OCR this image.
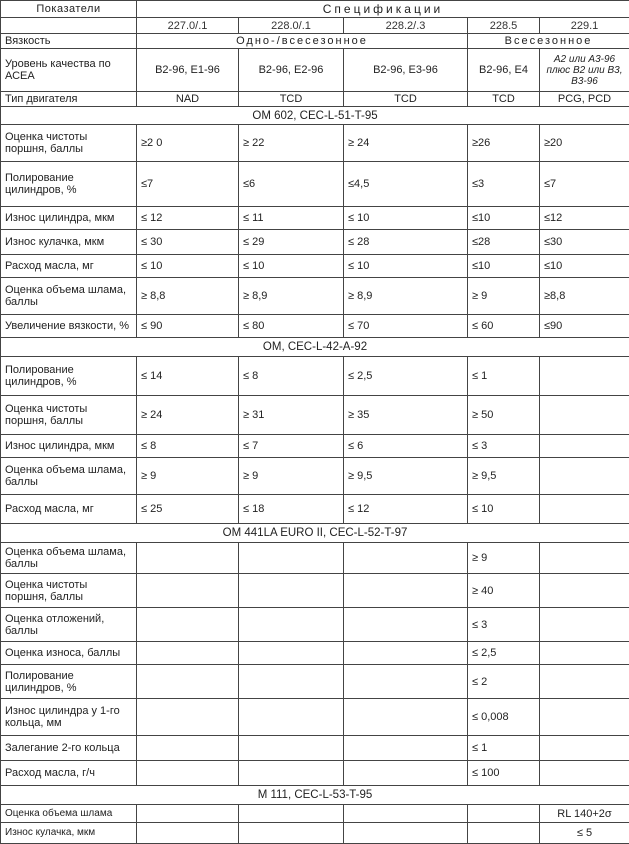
Показатели	Спецификации				
	227.0/.1	228.0/.1	228.2/.3	228.5	229.1
Вязкость	Одно-/всесезонное			Всесезонное	
Уровень качества по АСЕА	B2-96, E1-96	B2-96, E2-96	B2-96, E3-96	B2-96, E4	A2 или A3-96 плюс B2 или B3, B3-96
Тип двигателя	NAD	TCD	TCD	TCD	PCG, PCD
ОМ 602, CEC-L-51-T-95					
Оценка чистоты поршня, баллы	≥2 0	≥ 22	≥ 24	≥26	≥20
Полирование цилиндров, %	≤7	≤6	≤4,5	≤3	≤7
Износ цилиндра, мкм	≤ 12	≤ 11	≤ 10	≤10	≤12
Износ кулачка, мкм	≤ 30	≤ 29	≤ 28	≤28	≤30
Расход масла, мг	≤ 10	≤ 10	≤ 10	≤10	≤10
Оценка объема шлама, баллы	≥ 8,8	≥ 8,9	≥ 8,9	≥ 9	≥8,8
Увеличение вязкости, %	≤ 90	≤ 80	≤ 70	≤ 60	≤90
ОМ, CEC-L-42-A-92					
Полирование цилиндров, %	≤ 14	≤ 8	≤ 2,5	≤ 1	
Оценка чистоты поршня, баллы	≥ 24	≥ 31	≥ 35	≥ 50	
Износ цилиндра, мкм	≤ 8	≤ 7	≤ 6	≤ 3	
Оценка объема шлама, баллы	≥ 9	≥ 9	≥ 9,5	≥ 9,5	
Расход масла, мг	≤ 25	≤ 18	≤ 12	≤ 10	
ОМ 441LA EURO II, CEC-L-52-T-97					
Оценка объема шлама, баллы				≥ 9	
Оценка чистоты поршня, баллы				≥ 40	
Оценка отложений, баллы				≤ 3	
Оценка износа, баллы				≤ 2,5	
Полирование цилиндров, %				≤ 2	
Износ цилиндра у 1-го кольца, мм				≤ 0,008	
Залегание 2-го кольца				≤ 1	
Расход масла, г/ч				≤ 100	
M 111, CEC-L-53-T-95					
Оценка объема шлама					RL 140+2σ
Износ кулачка, мкм					≤ 5
